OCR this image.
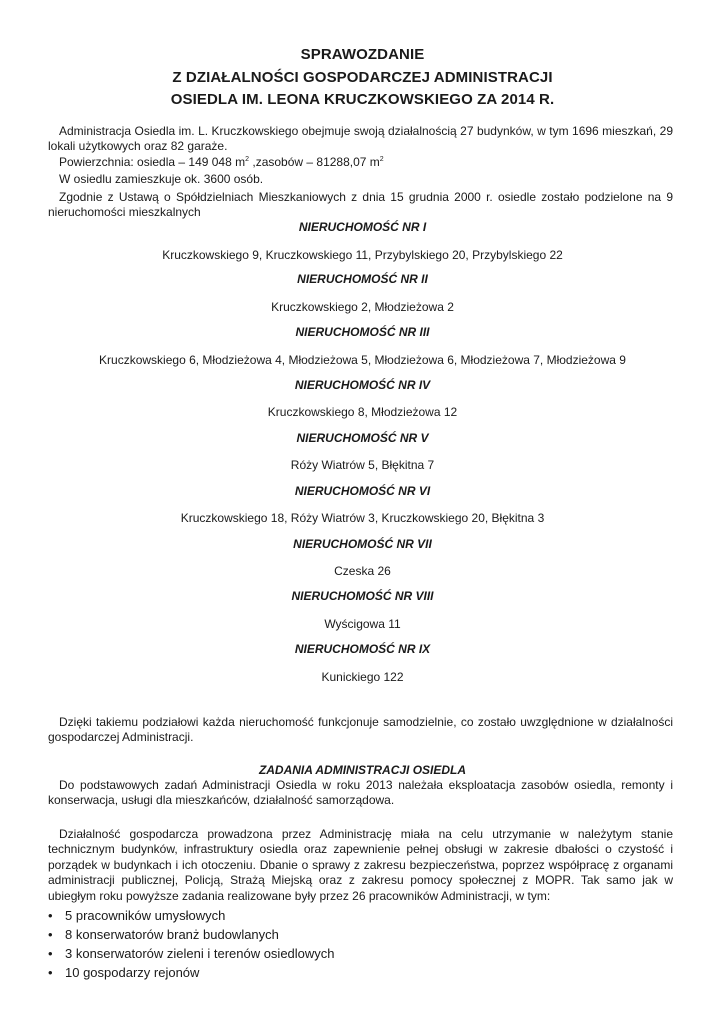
SPRAWOZDANIE
Z DZIAŁALNOŚCI GOSPODARCZEJ ADMINISTRACJI
OSIEDLA IM. LEONA KRUCZKOWSKIEGO ZA 2014 R.
Administracja Osiedla im. L. Kruczkowskiego obejmuje swoją działalnością 27 budynków, w tym 1696 mieszkań, 29 lokali użytkowych oraz 82 garaże.
Powierzchnia: osiedla – 149 048 $m^2$ ,zasobów – 81288,07 $m^2$
W osiedlu zamieszkuje ok. 3600 osób.
Zgodnie z Ustawą o Spółdzielniach Mieszkaniowych z dnia 15 grudnia 2000 r. osiedle zostało podzielone na 9 nieruchomości mieszkalnych
NIERUCHOMOŚĆ NR I
Kruczkowskiego 9, Kruczkowskiego 11, Przybylskiego 20, Przybylskiego 22
NIERUCHOMOŚĆ NR II
Kruczkowskiego 2, Młodzieżowa 2
NIERUCHOMOŚĆ NR III
Kruczkowskiego 6, Młodzieżowa 4, Młodzieżowa 5, Młodzieżowa 6, Młodzieżowa 7, Młodzieżowa 9
NIERUCHOMOŚĆ NR IV
Kruczkowskiego 8, Młodzieżowa 12
NIERUCHOMOŚĆ NR V
Róży Wiatrów 5, Błękitna 7
NIERUCHOMOŚĆ NR VI
Kruczkowskiego 18, Róży Wiatrów 3, Kruczkowskiego 20, Błękitna 3
NIERUCHOMOŚĆ NR VII
Czeska 26
NIERUCHOMOŚĆ NR VIII
Wyścigowa 11
NIERUCHOMOŚĆ NR IX
Kunickiego 122
Dzięki takiemu podziałowi każda nieruchomość funkcjonuje samodzielnie, co zostało uwzględnione w działalności gospodarczej Administracji.
ZADANIA ADMINISTRACJI OSIEDLA
Do podstawowych zadań Administracji Osiedla w roku 2013 należała eksploatacja zasobów osiedla, remonty i konserwacja, usługi dla mieszkańców, działalność samorządowa.
Działalność gospodarcza prowadzona przez Administrację miała na celu utrzymanie w należytym stanie technicznym budynków, infrastruktury osiedla oraz zapewnienie pełnej obsługi w zakresie dbałości o czystość i porządek w budynkach i ich otoczeniu. Dbanie o sprawy z zakresu bezpieczeństwa, poprzez współpracę z organami administracji publicznej, Policją, Strażą Miejską oraz z zakresu pomocy społecznej z MOPR. Tak samo jak w ubiegłym roku powyższe zadania realizowane były przez 26 pracowników Administracji, w tym:
• 5 pracowników umysłowych
• 8 konserwatorów branż budowlanych
• 3 konserwatorów zieleni i terenów osiedlowych
• 10 gospodarzy rejonów
